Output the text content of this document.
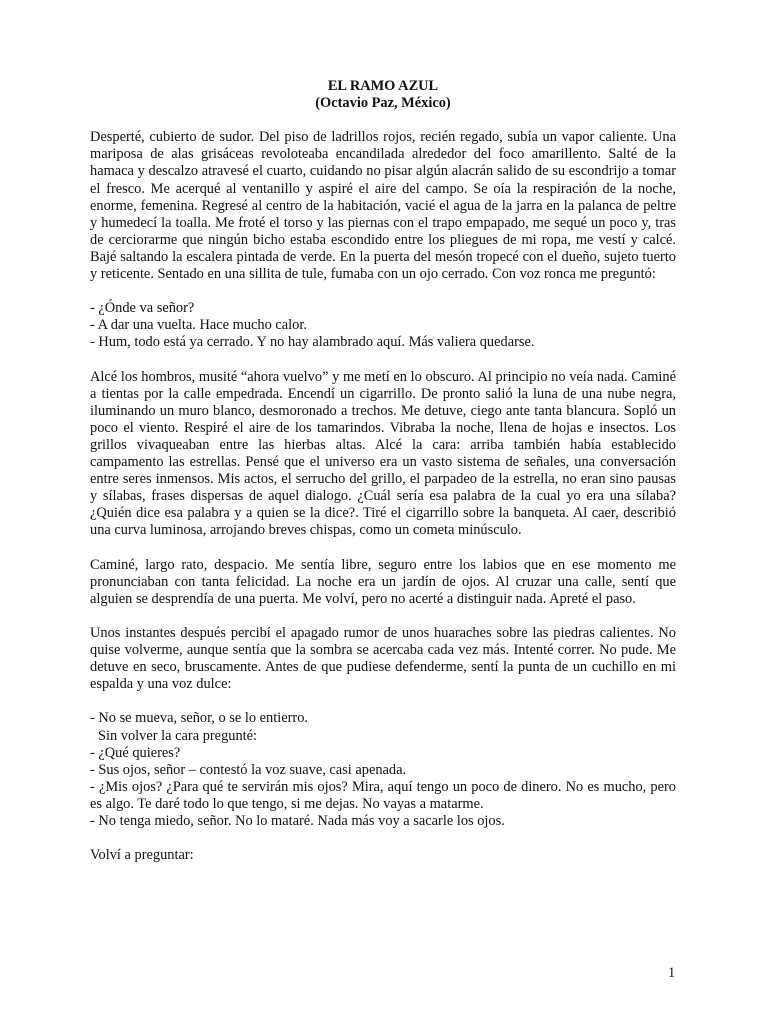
EL RAMO AZUL
(Octavio Paz, México)

Desperté, cubierto de sudor. Del piso de ladrillos rojos, recién regado, subía un vapor caliente. Una mariposa de alas grisáceas revoloteaba encandilada alrededor del foco amarillento. Salté de la hamaca y descalzo atravesé el cuarto, cuidando no pisar algún alacrán salido de su escondrijo a tomar el fresco. Me acerqué al ventanillo y aspiré el aire del campo. Se oía la respiración de la noche, enorme, femenina. Regresé al centro de la habitación, vacié el agua de la jarra en la palanca de peltre y humedecí la toalla. Me froté el torso y las piernas con el trapo empapado, me sequé un poco y, tras de cerciorarme que ningún bicho estaba escondido entre los pliegues de mi ropa, me vestí y calcé. Bajé saltando la escalera pintada de verde. En la puerta del mesón tropecé con el dueño, sujeto tuerto y reticente. Sentado en una sillita de tule, fumaba con un ojo cerrado. Con voz ronca me preguntó:

- ¿Ónde va señor?

- A dar una vuelta. Hace mucho calor.

- Hum, todo está ya cerrado. Y no hay alambrado aquí. Más valiera quedarse.

Alcé los hombros, musité “ahora vuelvo” y me metí en lo obscuro. Al principio no veía nada. Caminé a tientas por la calle empedrada. Encendí un cigarrillo. De pronto salió la luna de una nube negra, iluminando un muro blanco, desmoronado a trechos. Me detuve, ciego ante tanta blancura. Sopló un poco el viento. Respiré el aire de los tamarindos. Vibraba la noche, llena de hojas e insectos. Los grillos vivaqueaban entre las hierbas altas. Alcé la cara: arriba también había establecido campamento las estrellas. Pensé que el universo era un vasto sistema de señales, una conversación entre seres inmensos. Mis actos, el serrucho del grillo, el parpadeo de la estrella, no eran sino pausas y sílabas, frases dispersas de aquel dialogo. ¿Cuál sería esa palabra de la cual yo era una sílaba? ¿Quién dice esa palabra y a quien se la dice?. Tiré el cigarrillo sobre la banqueta. Al caer, describió una curva luminosa, arrojando breves chispas, como un cometa minúsculo.

Caminé, largo rato, despacio. Me sentía libre, seguro entre los labios que en ese momento me pronunciaban con tanta felicidad. La noche era un jardín de ojos. Al cruzar una calle, sentí que alguien se desprendía de una puerta. Me volví, pero no acerté a distinguir nada. Apreté el paso.

Unos instantes después percibí el apagado rumor de unos huaraches sobre las piedras calientes. No quise volverme, aunque sentía que la sombra se acercaba cada vez más. Intenté correr. No pude. Me detuve en seco, bruscamente. Antes de que pudiese defenderme, sentí la punta de un cuchillo en mi espalda y una voz dulce:

- No se mueva, señor, o se lo entierro.

Sin volver la cara pregunté:

- ¿Qué quieres?

- Sus ojos, señor – contestó la voz suave, casi apenada.

- ¿Mis ojos? ¿Para qué te servirán mis ojos? Mira, aquí tengo un poco de dinero. No es mucho, pero es algo. Te daré todo lo que tengo, si me dejas. No vayas a matarme.

- No tenga miedo, señor. No lo mataré. Nada más voy a sacarle los ojos.

Volví a preguntar:

1
